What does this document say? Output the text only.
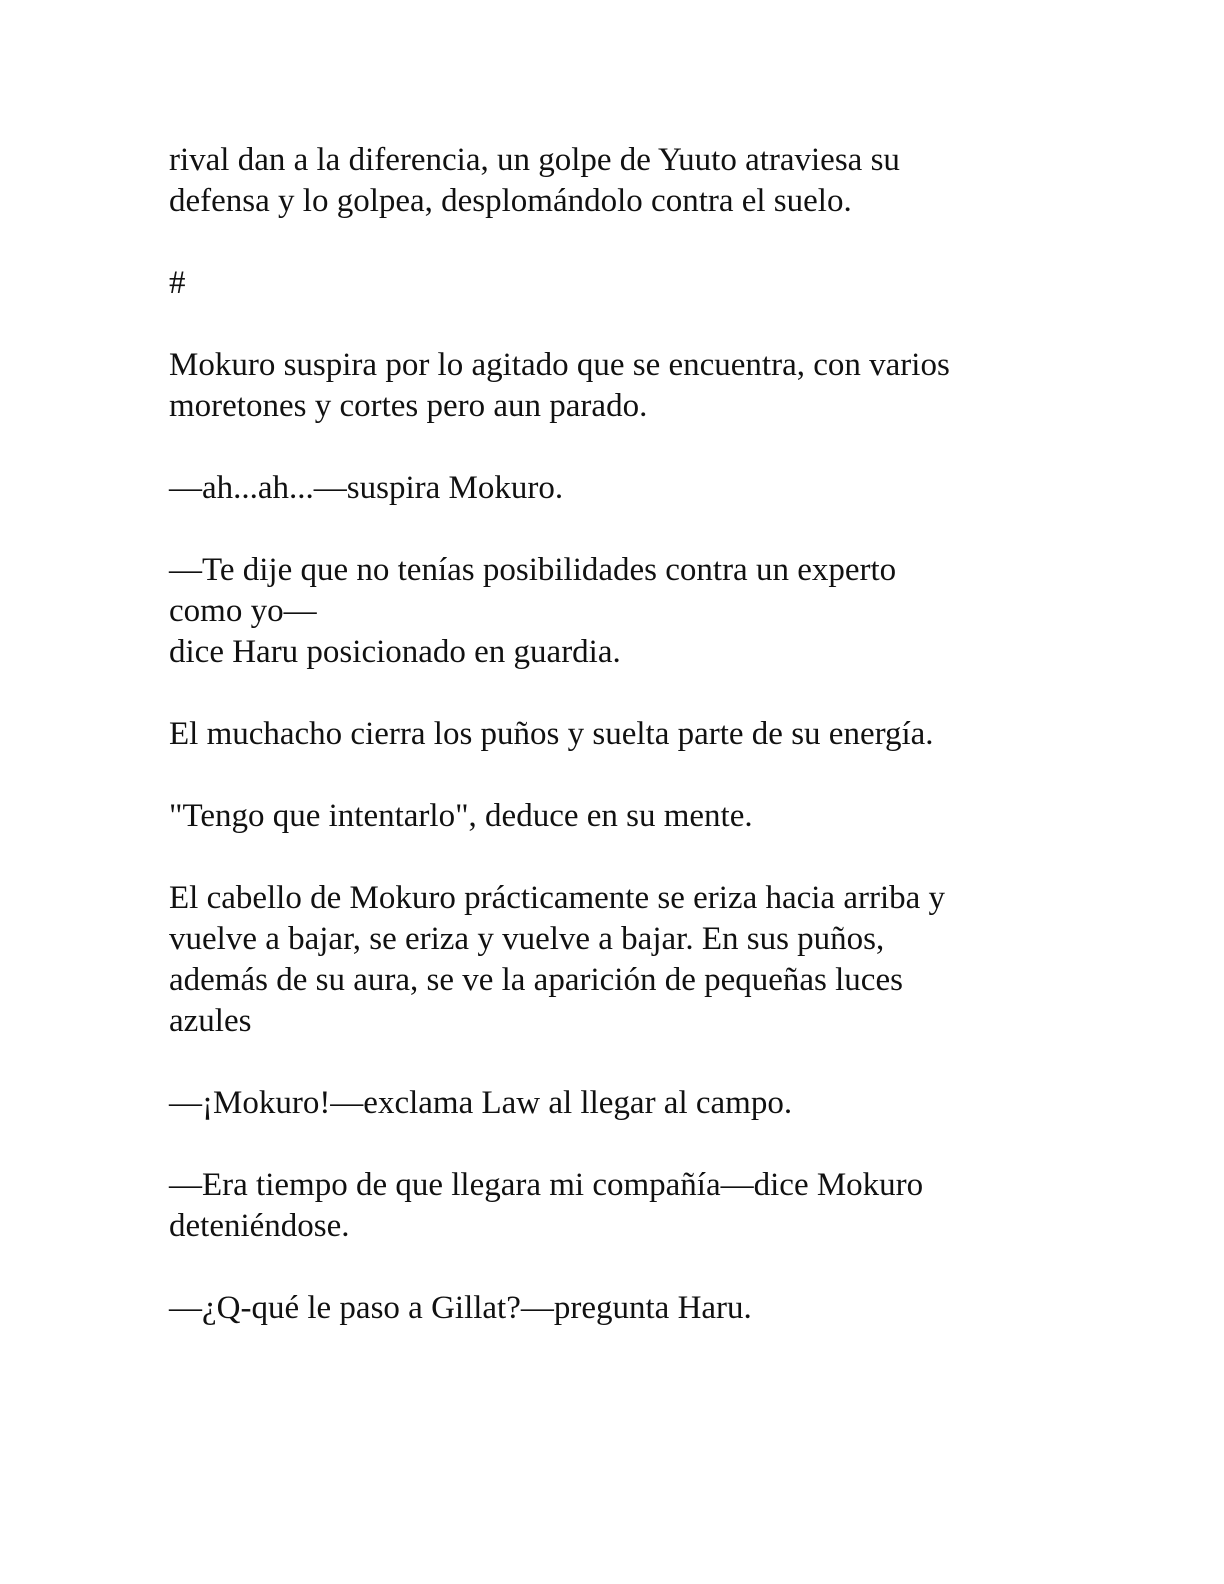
rival dan a la diferencia, un golpe de Yuuto atraviesa su
defensa y lo golpea, desplomándolo contra el suelo.

#

Mokuro suspira por lo agitado que se encuentra, con varios
moretones y cortes pero aun parado.

—ah...ah...—suspira Mokuro.

—Te dije que no tenías posibilidades contra un experto
como yo—
dice Haru posicionado en guardia.

El muchacho cierra los puños y suelta parte de su energía.

"Tengo que intentarlo", deduce en su mente.

El cabello de Mokuro prácticamente se eriza hacia arriba y
vuelve a bajar, se eriza y vuelve a bajar. En sus puños,
además de su aura, se ve la aparición de pequeñas luces
azules

—¡Mokuro!—exclama Law al llegar al campo.

—Era tiempo de que llegara mi compañía—dice Mokuro
deteniéndose.

—¿Q-qué le paso a Gillat?—pregunta Haru.
